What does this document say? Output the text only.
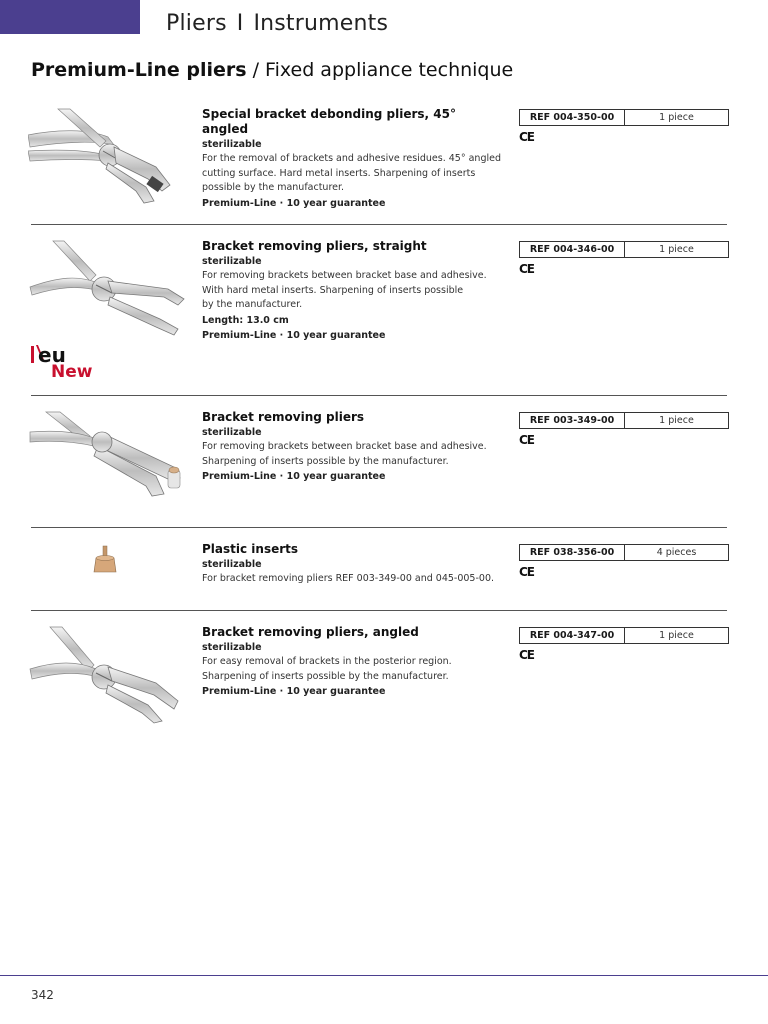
Pliers I Instruments
Premium-Line pliers / Fixed appliance technique
Special bracket debonding pliers, 45° angled
sterilizable
For the removal of brackets and adhesive residues. 45° angled
cutting surface. Hard metal inserts. Sharpening of inserts
possible by the manufacturer.
Premium-Line · 10 year guarantee
REF 004-350-00	1 piece
CE
Bracket removing pliers, straight
sterilizable
For removing brackets between bracket base and adhesive.
With hard metal inserts. Sharpening of inserts possible
by the manufacturer.
Length: 13.0 cm
Premium-Line · 10 year guarantee
REF 004-346-00	1 piece
CE
eu
New
Bracket removing pliers
sterilizable
For removing brackets between bracket base and adhesive.
Sharpening of inserts possible by the manufacturer.
Premium-Line · 10 year guarantee
REF 003-349-00	1 piece
CE
Plastic inserts
sterilizable
For bracket removing pliers REF 003-349-00 and 045-005-00.
REF 038-356-00	4 pieces
CE
Bracket removing pliers, angled
sterilizable
For easy removal of brackets in the posterior region.
Sharpening of inserts possible by the manufacturer.
Premium-Line · 10 year guarantee
REF 004-347-00	1 piece
CE
342
